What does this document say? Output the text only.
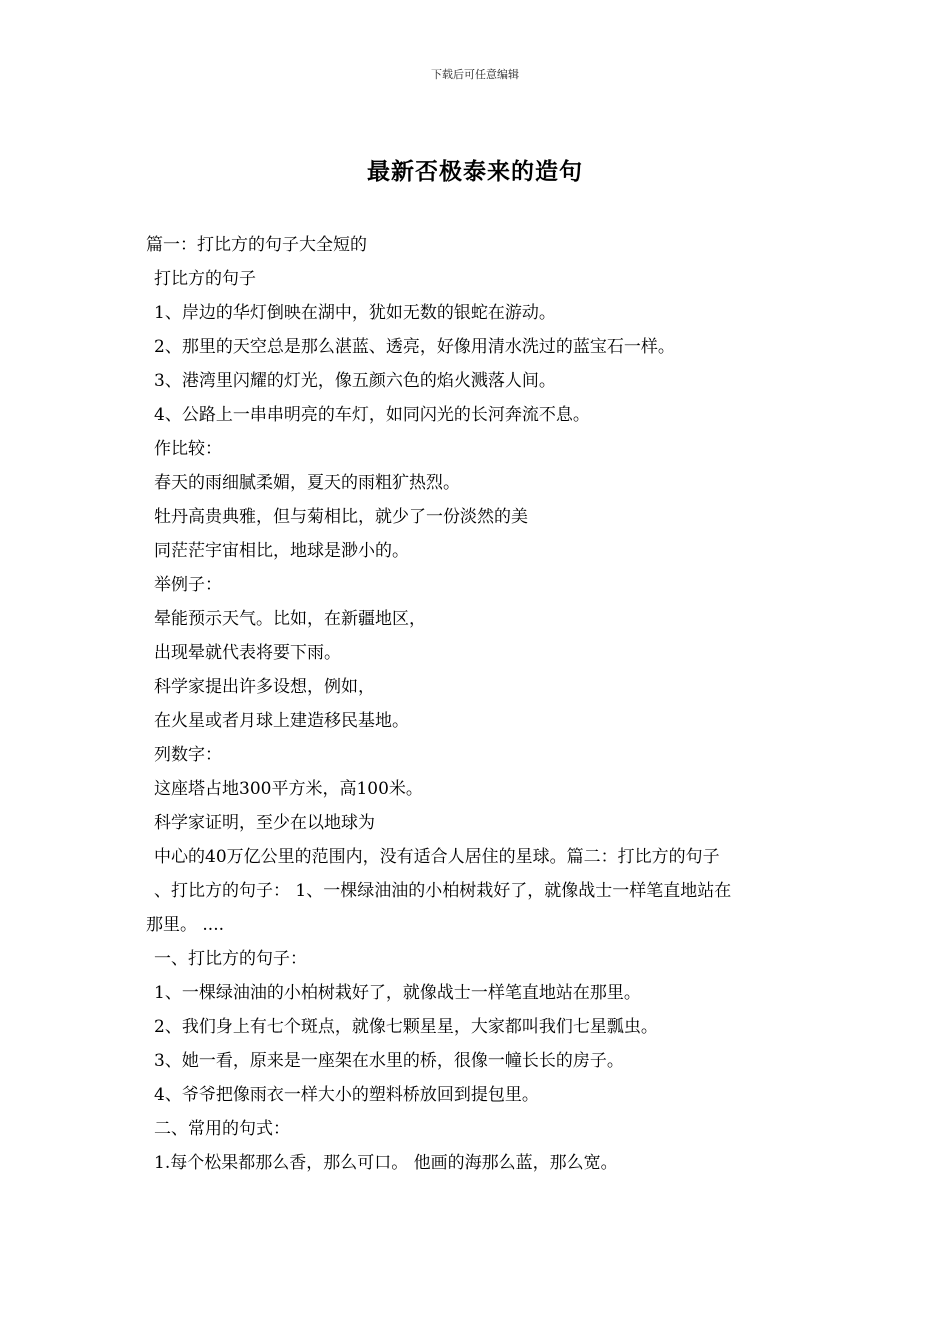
下载后可任意编辑
最新否极泰来的造句
篇一：打比方的句子大全短的
打比方的句子
1、岸边的华灯倒映在湖中，犹如无数的银蛇在游动。
2、那里的天空总是那么湛蓝、透亮，好像用清水洗过的蓝宝石一样。
3、港湾里闪耀的灯光，像五颜六色的焰火溅落人间。
4、公路上一串串明亮的车灯，如同闪光的长河奔流不息。
作比较：
春天的雨细腻柔媚，夏天的雨粗犷热烈。
牡丹高贵典雅，但与菊相比，就少了一份淡然的美
同茫茫宇宙相比，地球是渺小的。
举例子：
晕能预示天气。比如，在新疆地区，
出现晕就代表将要下雨。
科学家提出许多设想，例如，
在火星或者月球上建造移民基地。
列数字：
这座塔占地300平方米，高100米。
科学家证明，至少在以地球为
中心的40万亿公里的范围内，没有适合人居住的星球。篇二：打比方的句子
、打比方的句子： 1、一棵绿油油的小柏树栽好了，就像战士一样笔直地站在
那里。 ....
一、打比方的句子：
1、一棵绿油油的小柏树栽好了，就像战士一样笔直地站在那里。
2、我们身上有七个斑点，就像七颗星星，大家都叫我们七星瓢虫。
3、她一看，原来是一座架在水里的桥，很像一幢长长的房子。
4、爷爷把像雨衣一样大小的塑料桥放回到提包里。
二、常用的句式：
1.每个松果都那么香，那么可口。 他画的海那么蓝，那么宽。
